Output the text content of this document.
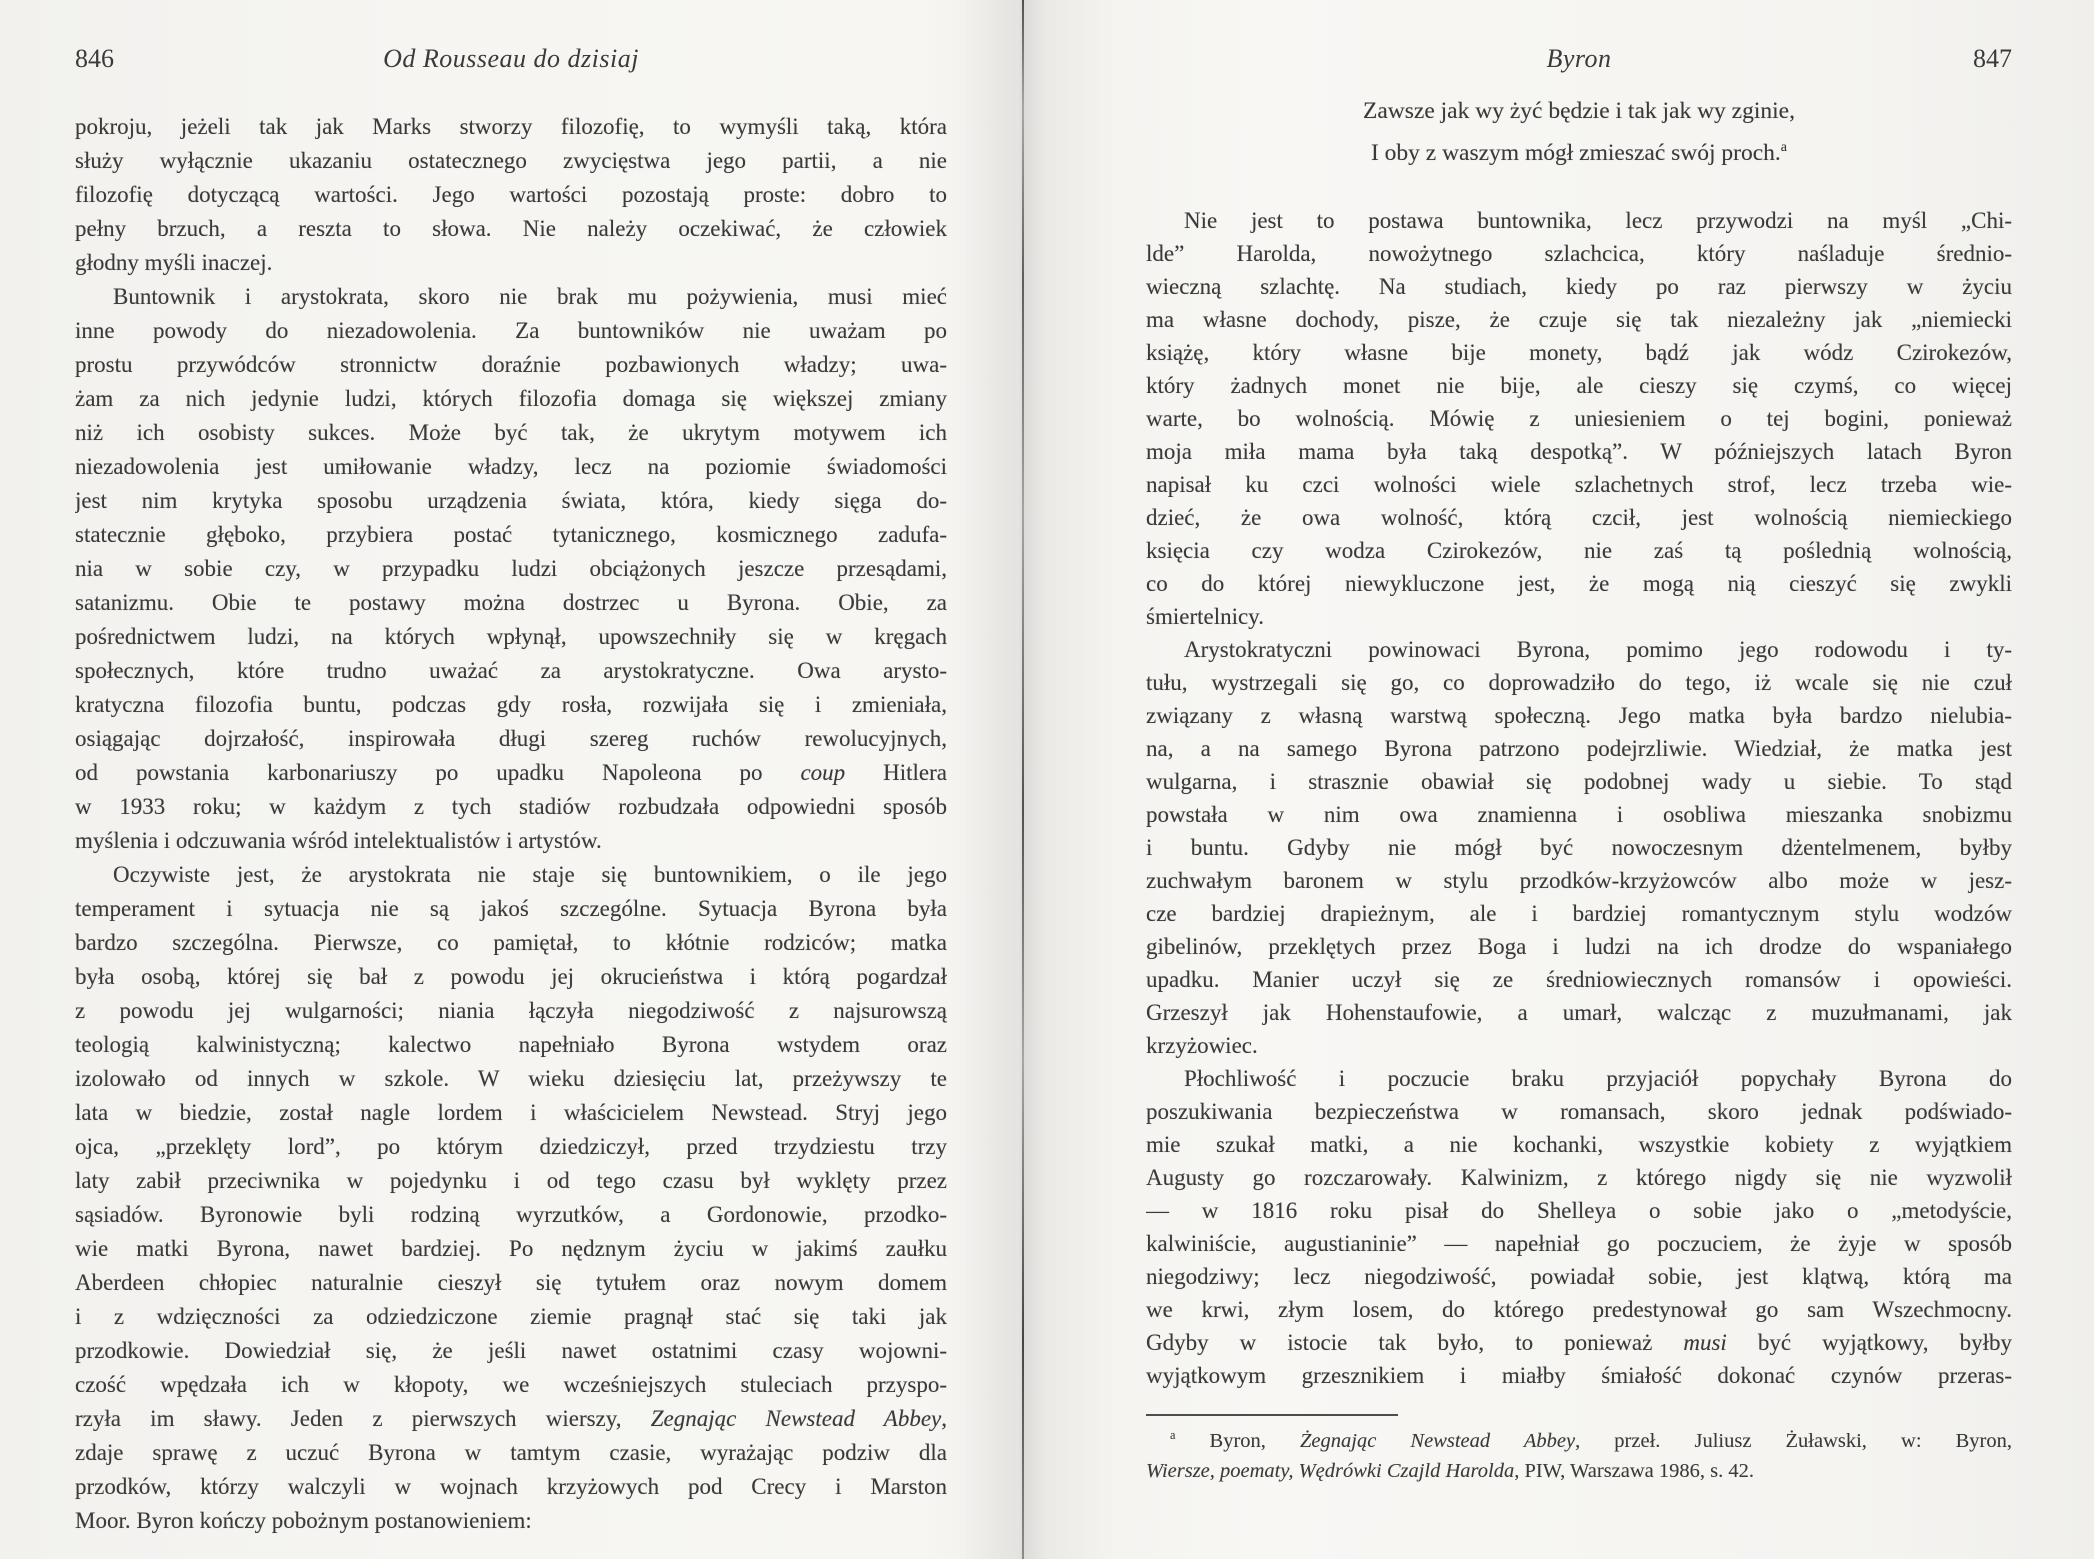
846	Od Rousseau do dzisiaj
pokroju, jeżeli tak jak Marks stworzy filozofię, to wymyśli taką, która
służy wyłącznie ukazaniu ostatecznego zwycięstwa jego partii, a nie
filozofię dotyczącą wartości. Jego wartości pozostają proste: dobro to
pełny brzuch, a reszta to słowa. Nie należy oczekiwać, że człowiek
głodny myśli inaczej.
Buntownik i arystokrata, skoro nie brak mu pożywienia, musi mieć
inne powody do niezadowolenia. Za buntowników nie uważam po
prostu przywódców stronnictw doraźnie pozbawionych władzy; uwa-
żam za nich jedynie ludzi, których filozofia domaga się większej zmiany
niż ich osobisty sukces. Może być tak, że ukrytym motywem ich
niezadowolenia jest umiłowanie władzy, lecz na poziomie świadomości
jest nim krytyka sposobu urządzenia świata, która, kiedy sięga do-
statecznie głęboko, przybiera postać tytanicznego, kosmicznego zadufa-
nia w sobie czy, w przypadku ludzi obciążonych jeszcze przesądami,
satanizmu. Obie te postawy można dostrzec u Byrona. Obie, za
pośrednictwem ludzi, na których wpłynął, upowszechniły się w kręgach
społecznych, które trudno uważać za arystokratyczne. Owa arysto-
kratyczna filozofia buntu, podczas gdy rosła, rozwijała się i zmieniała,
osiągając dojrzałość, inspirowała długi szereg ruchów rewolucyjnych,
od powstania karbonariuszy po upadku Napoleona po coup Hitlera
w 1933 roku; w każdym z tych stadiów rozbudzała odpowiedni sposób
myślenia i odczuwania wśród intelektualistów i artystów.
Oczywiste jest, że arystokrata nie staje się buntownikiem, o ile jego
temperament i sytuacja nie są jakoś szczególne. Sytuacja Byrona była
bardzo szczególna. Pierwsze, co pamiętał, to kłótnie rodziców; matka
była osobą, której się bał z powodu jej okrucieństwa i którą pogardzał
z powodu jej wulgarności; niania łączyła niegodziwość z najsurowszą
teologią kalwinistyczną; kalectwo napełniało Byrona wstydem oraz
izolowało od innych w szkole. W wieku dziesięciu lat, przeżywszy te
lata w biedzie, został nagle lordem i właścicielem Newstead. Stryj jego
ojca, „przeklęty lord”, po którym dziedziczył, przed trzydziestu trzy
laty zabił przeciwnika w pojedynku i od tego czasu był wyklęty przez
sąsiadów. Byronowie byli rodziną wyrzutków, a Gordonowie, przodko-
wie matki Byrona, nawet bardziej. Po nędznym życiu w jakimś zaułku
Aberdeen chłopiec naturalnie cieszył się tytułem oraz nowym domem
i z wdzięczności za odziedziczone ziemie pragnął stać się taki jak
przodkowie. Dowiedział się, że jeśli nawet ostatnimi czasy wojowni-
czość wpędzała ich w kłopoty, we wcześniejszych stuleciach przyspo-
rzyła im sławy. Jeden z pierwszych wierszy, Zegnając Newstead Abbey,
zdaje sprawę z uczuć Byrona w tamtym czasie, wyrażając podziw dla
przodków, którzy walczyli w wojnach krzyżowych pod Crecy i Marston
Moor. Byron kończy pobożnym postanowieniem:
Byron	847
Zawsze jak wy żyć będzie i tak jak wy zginie,
I oby z waszym mógł zmieszać swój proch.$^a$
Nie jest to postawa buntownika, lecz przywodzi na myśl „Chi-
lde” Harolda, nowożytnego szlachcica, który naśladuje średnio-
wieczną szlachtę. Na studiach, kiedy po raz pierwszy w życiu
ma własne dochody, pisze, że czuje się tak niezależny jak „niemiecki
książę, który własne bije monety, bądź jak wódz Czirokezów,
który żadnych monet nie bije, ale cieszy się czymś, co więcej
warte, bo wolnością. Mówię z uniesieniem o tej bogini, ponieważ
moja miła mama była taką despotką”. W późniejszych latach Byron
napisał ku czci wolności wiele szlachetnych strof, lecz trzeba wie-
dzieć, że owa wolność, którą czcił, jest wolnością niemieckiego
księcia czy wodza Czirokezów, nie zaś tą poślednią wolnością,
co do której niewykluczone jest, że mogą nią cieszyć się zwykli
śmiertelnicy.
Arystokratyczni powinowaci Byrona, pomimo jego rodowodu i ty-
tułu, wystrzegali się go, co doprowadziło do tego, iż wcale się nie czuł
związany z własną warstwą społeczną. Jego matka była bardzo nielubia-
na, a na samego Byrona patrzono podejrzliwie. Wiedział, że matka jest
wulgarna, i strasznie obawiał się podobnej wady u siebie. To stąd
powstała w nim owa znamienna i osobliwa mieszanka snobizmu
i buntu. Gdyby nie mógł być nowoczesnym dżentelmenem, byłby
zuchwałym baronem w stylu przodków-krzyżowców albo może w jesz-
cze bardziej drapieżnym, ale i bardziej romantycznym stylu wodzów
gibelinów, przeklętych przez Boga i ludzi na ich drodze do wspaniałego
upadku. Manier uczył się ze średniowiecznych romansów i opowieści.
Grzeszył jak Hohenstaufowie, a umarł, walcząc z muzułmanami, jak
krzyżowiec.
Płochliwość i poczucie braku przyjaciół popychały Byrona do
poszukiwania bezpieczeństwa w romansach, skoro jednak podświado-
mie szukał matki, a nie kochanki, wszystkie kobiety z wyjątkiem
Augusty go rozczarowały. Kalwinizm, z którego nigdy się nie wyzwolił
— w 1816 roku pisał do Shelleya o sobie jako o „metodyście,
kalwiniście, augustianinie” — napełniał go poczuciem, że żyje w sposób
niegodziwy; lecz niegodziwość, powiadał sobie, jest klątwą, którą ma
we krwi, złym losem, do którego predestynował go sam Wszechmocny.
Gdyby w istocie tak było, to ponieważ musi być wyjątkowy, byłby
wyjątkowym grzesznikiem i miałby śmiałość dokonać czynów przeras-
$^a$ Byron, Żegnając Newstead Abbey, przeł. Juliusz Żuławski, w: Byron,
Wiersze, poematy, Wędrówki Czajld Harolda, PIW, Warszawa 1986, s. 42.
